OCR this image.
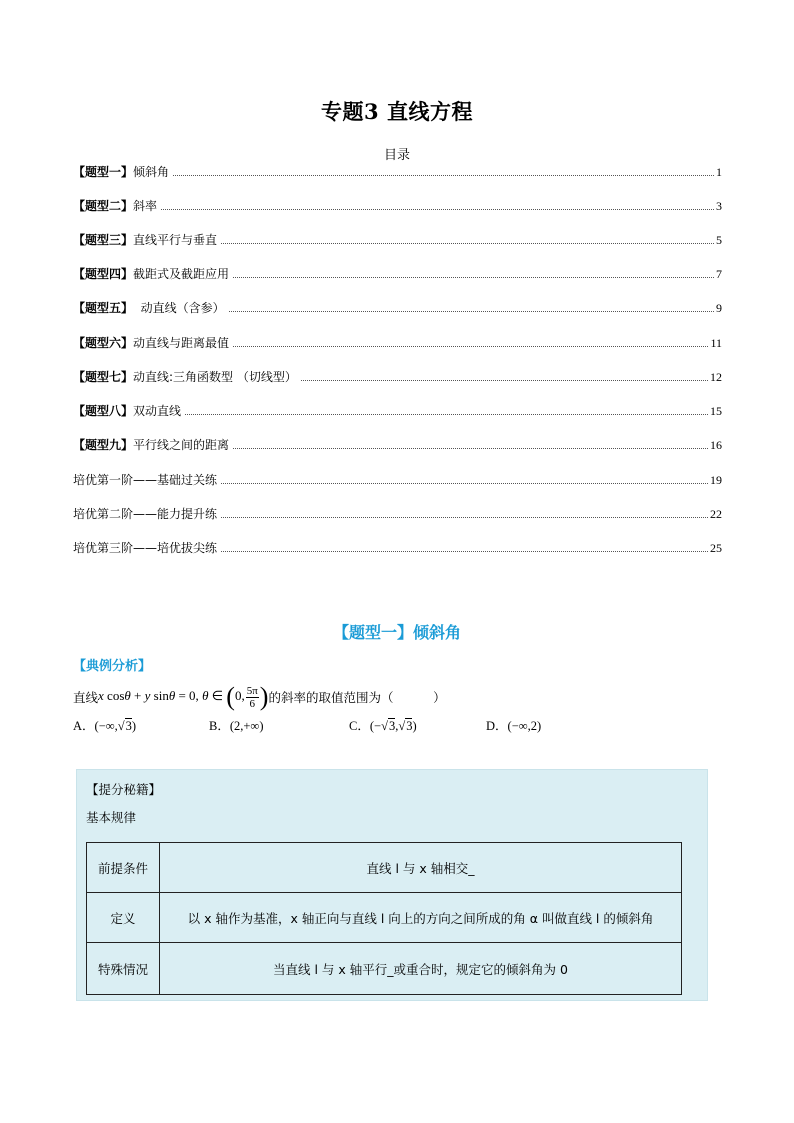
专题3 直线方程
目录
【题型一】倾斜角	1
【题型二】斜率	3
【题型三】直线平行与垂直	5
【题型四】截距式及截距应用	7
【题型五】  动直线（含参）	9
【题型六】动直线与距离最值	11
【题型七】动直线:三角函数型 （切线型）	12
【题型八】双动直线	15
【题型九】平行线之间的距离	16
培优第一阶——基础过关练	19
培优第二阶——能力提升练	22
培优第三阶——培优拔尖练	25
【题型一】倾斜角
【典例分析】
直线 x cosθ + y sinθ = 0, θ ∈ (0, $\frac{5\pi}{6}$ ) 的斜率的取值范围为（          ）
A．(−∞,√3)	B．(2,+∞)	C．(−√3,√3)	D．(−∞,2)
【提分秘籍】
基本规律
前提条件	直线 l 与 x 轴相交_
定义	以 x 轴作为基准，x 轴正向与直线 l 向上的方向之间所成的角 α 叫做直线 l 的倾斜角
特殊情况	当直线 l 与 x 轴平行_或重合时，规定它的倾斜角为 0
